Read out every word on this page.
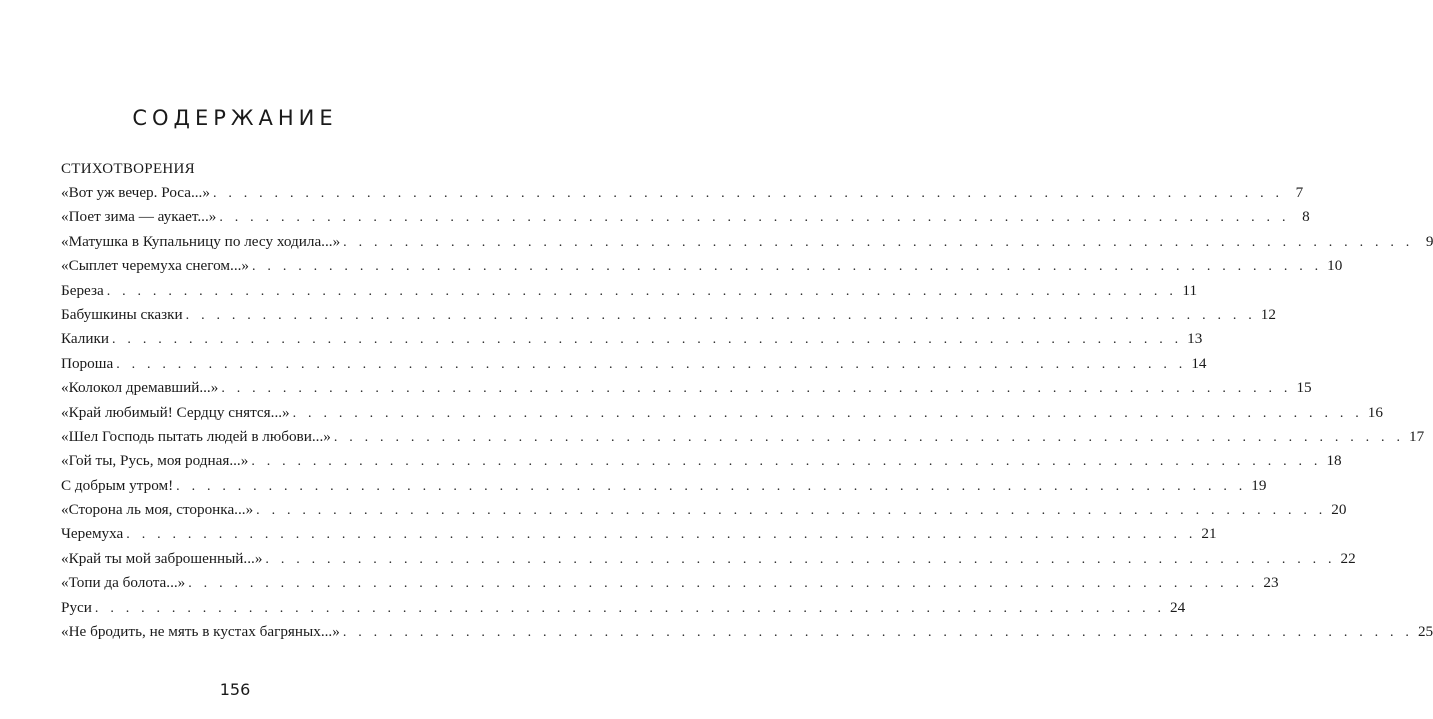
СОДЕРЖАНИЕ
СТИХОТВОРЕНИЯ
«Вот уж вечер. Роса...» . . . . . . . . . . . . . . . . . . . . . . . . . . . . . . . . . . . . . . . . . . . . . . . . . . . . . . . . . . . . . . . . . . . . . . 7
«Поет зима — аукает...» . . . . . . . . . . . . . . . . . . . . . . . . . . . . . . . . . . . . . . . . . . . . . . . . . . . . . . . . . . . . . . . . . . . . . . 8
«Матушка в Купальницу по лесу ходила...» . . . . . . . . . . . . . . . . . . . . . . . . . . . . . . . . . . . . . . . . . . . . . . . . . . . . . . . . . . . . . . . . . . . . . . 9
«Сыплет черемуха снегом...» . . . . . . . . . . . . . . . . . . . . . . . . . . . . . . . . . . . . . . . . . . . . . . . . . . . . . . . . . . . . . . . . . . . . . . 10
Береза . . . . . . . . . . . . . . . . . . . . . . . . . . . . . . . . . . . . . . . . . . . . . . . . . . . . . . . . . . . . . . . . . . . . . . 11
Бабушкины сказки . . . . . . . . . . . . . . . . . . . . . . . . . . . . . . . . . . . . . . . . . . . . . . . . . . . . . . . . . . . . . . . . . . . . . . 12
Калики . . . . . . . . . . . . . . . . . . . . . . . . . . . . . . . . . . . . . . . . . . . . . . . . . . . . . . . . . . . . . . . . . . . . . . 13
Пороша . . . . . . . . . . . . . . . . . . . . . . . . . . . . . . . . . . . . . . . . . . . . . . . . . . . . . . . . . . . . . . . . . . . . . . 14
«Колокол дремавший...» . . . . . . . . . . . . . . . . . . . . . . . . . . . . . . . . . . . . . . . . . . . . . . . . . . . . . . . . . . . . . . . . . . . . . . 15
«Край любимый! Сердцу снятся...» . . . . . . . . . . . . . . . . . . . . . . . . . . . . . . . . . . . . . . . . . . . . . . . . . . . . . . . . . . . . . . . . . . . . . . 16
«Шел Господь пытать людей в любови...» . . . . . . . . . . . . . . . . . . . . . . . . . . . . . . . . . . . . . . . . . . . . . . . . . . . . . . . . . . . . . . . . . . . . . . 17
«Гой ты, Русь, моя родная...» . . . . . . . . . . . . . . . . . . . . . . . . . . . . . . . . . . . . . . . . . . . . . . . . . . . . . . . . . . . . . . . . . . . . . . 18
С добрым утром! . . . . . . . . . . . . . . . . . . . . . . . . . . . . . . . . . . . . . . . . . . . . . . . . . . . . . . . . . . . . . . . . . . . . . . 19
«Сторона ль моя, сторонка...» . . . . . . . . . . . . . . . . . . . . . . . . . . . . . . . . . . . . . . . . . . . . . . . . . . . . . . . . . . . . . . . . . . . . . . 20
Черемуха . . . . . . . . . . . . . . . . . . . . . . . . . . . . . . . . . . . . . . . . . . . . . . . . . . . . . . . . . . . . . . . . . . . . . . 21
«Край ты мой заброшенный...» . . . . . . . . . . . . . . . . . . . . . . . . . . . . . . . . . . . . . . . . . . . . . . . . . . . . . . . . . . . . . . . . . . . . . . 22
«Топи да болота...» . . . . . . . . . . . . . . . . . . . . . . . . . . . . . . . . . . . . . . . . . . . . . . . . . . . . . . . . . . . . . . . . . . . . . . 23
Руси . . . . . . . . . . . . . . . . . . . . . . . . . . . . . . . . . . . . . . . . . . . . . . . . . . . . . . . . . . . . . . . . . . . . . . 24
«Не бродить, не мять в кустах багряных...» . . . . . . . . . . . . . . . . . . . . . . . . . . . . . . . . . . . . . . . . . . . . . . . . . . . . . . . . . . . . . . . . . . . . . . 25
156
